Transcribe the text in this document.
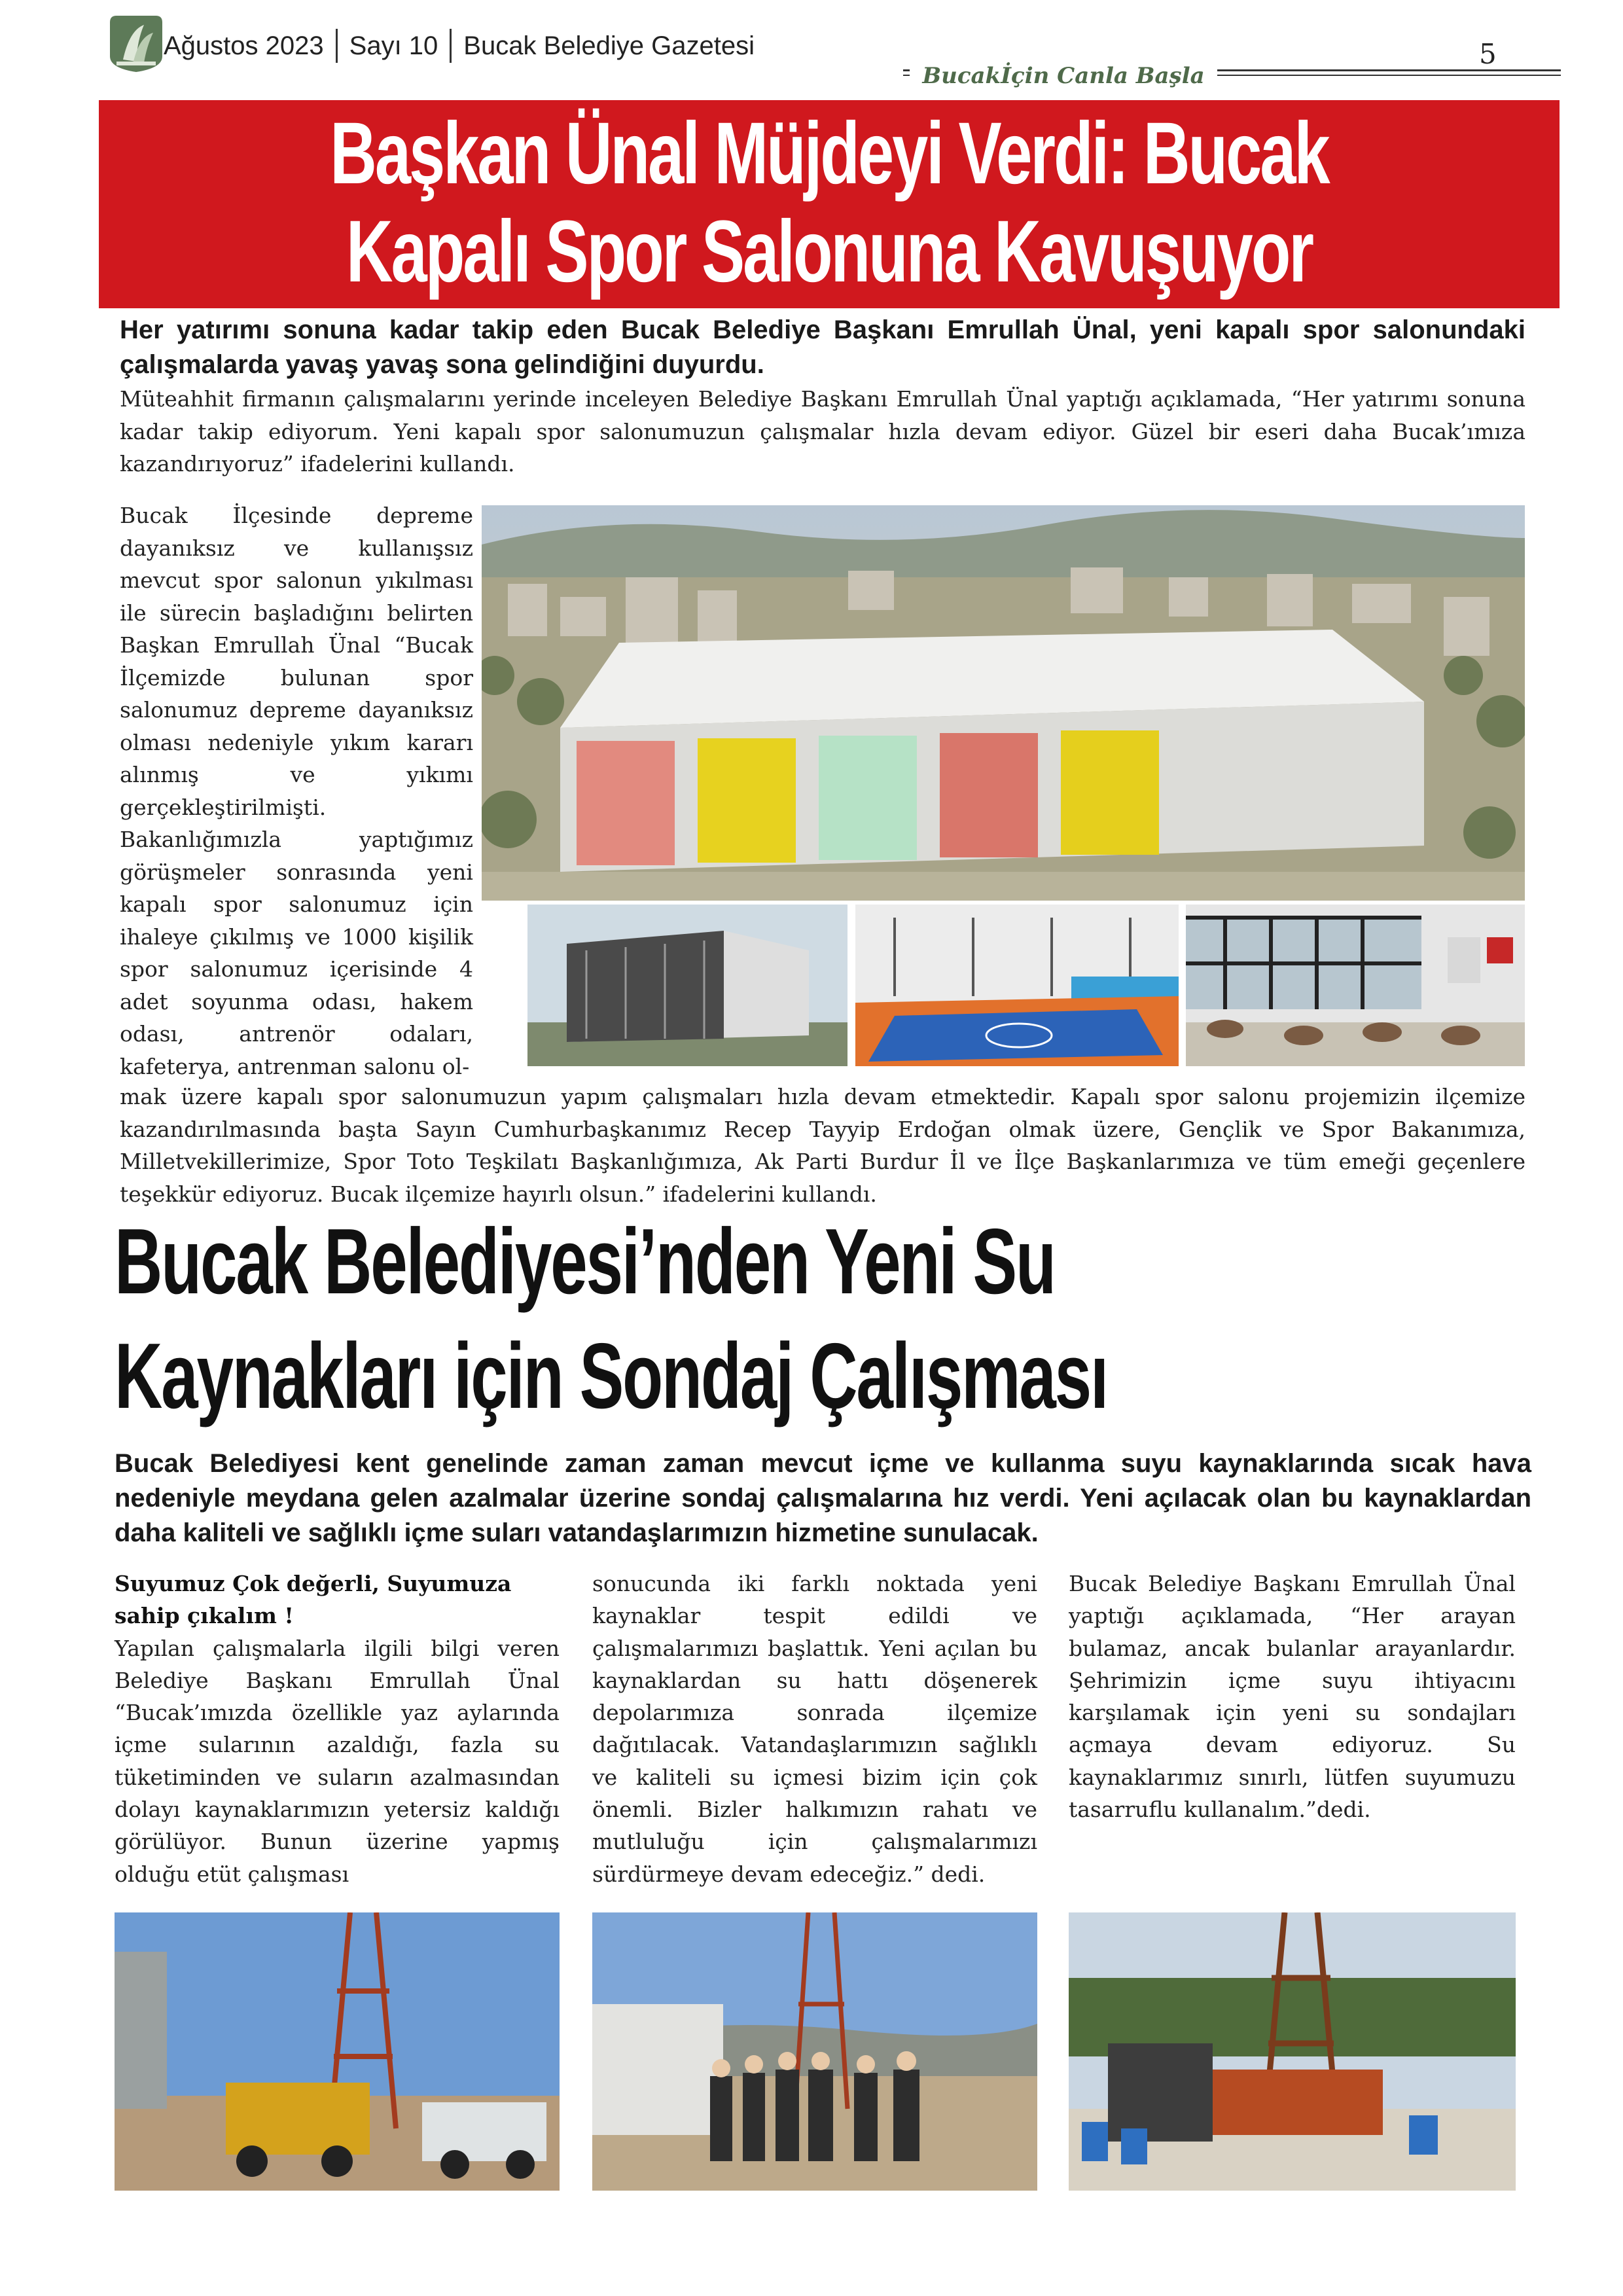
Ağustos 2023 Sayı 10 Bucak Belediye Gazetesi
Bucakİçin Canla Başla
5
Başkan Ünal Müjdeyi Verdi: Bucak Kapalı Spor Salonuna Kavuşuyor
Her yatırımı sonuna kadar takip eden Bucak Belediye Başkanı Emrullah Ünal, yeni kapalı spor salonundaki çalışmalarda yavaş yavaş sona gelindiğini duyurdu.
Müteahhit firmanın çalışmalarını yerinde inceleyen Belediye Başkanı Emrullah Ünal yaptığı açıklamada, “Her yatırımı sonuna kadar takip ediyorum. Yeni kapalı spor salonumuzun çalışmalar hızla devam ediyor. Güzel bir eseri daha Bucak’ımıza kazandırıyoruz” ifadelerini kullandı.
Bucak İlçesinde depreme dayanıksız ve kullanışsız mevcut spor salonun yıkılması ile sürecin başladığını belirten Başkan Emrullah Ünal “Bucak İlçemizde bulunan spor salonumuz depreme dayanıksız olması nedeniyle yıkım kararı alınmış ve yıkımı gerçekleştirilmişti. Bakanlığımızla yaptığımız görüşmeler sonrasında yeni kapalı spor salonumuz için ihaleye çıkılmış ve 1000 kişilik spor salonumuz içerisinde 4 adet soyunma odası, hakem odası, antrenör odaları, kafeterya, antrenman salonu ol-
mak üzere kapalı spor salonumuzun yapım çalışmaları hızla devam etmektedir. Kapalı spor salonu projemizin ilçemize kazandırılmasında başta Sayın Cumhurbaşkanımız Recep Tayyip Erdoğan olmak üzere, Gençlik ve Spor Bakanımıza, Milletvekillerimize, Spor Toto Teşkilatı Başkanlığımıza, Ak Parti Burdur İl ve İlçe Başkanlarımıza ve tüm emeği geçenlere teşekkür ediyoruz. Bucak ilçemize hayırlı olsun.” ifadelerini kullandı.
Bucak Belediyesi’nden Yeni Su Kaynakları için Sondaj Çalışması
Bucak Belediyesi kent genelinde zaman zaman mevcut içme ve kullanma suyu kaynaklarında sıcak hava nedeniyle meydana gelen azalmalar üzerine sondaj çalışmalarına hız verdi. Yeni açılacak olan bu kaynaklardan daha kaliteli ve sağlıklı içme suları vatandaşlarımızın hizmetine sunulacak.
Suyumuz Çok değerli, Suyumuza sahip çıkalım !
Yapılan çalışmalarla ilgili bilgi veren Belediye Başkanı Emrullah Ünal “Bucak’ımızda özellikle yaz aylarında içme sularının azaldığı, fazla su tüketiminden ve suların azalmasından dolayı kaynaklarımızın yetersiz kaldığı görülüyor. Bunun üzerine yapmış olduğu etüt çalışması
sonucunda iki farklı noktada yeni kaynaklar tespit edildi ve çalışmalarımızı başlattık. Yeni açılan bu kaynaklardan su hattı döşenerek depolarımıza sonrada ilçemize dağıtılacak. Vatandaşlarımızın sağlıklı ve kaliteli su içmesi bizim için çok önemli. Bizler halkımızın rahatı ve mutluluğu için çalışmalarımızı sürdürmeye devam edeceğiz.” dedi.
Bucak Belediye Başkanı Emrullah Ünal yaptığı açıklamada, “Her arayan bulamaz, ancak bulanlar arayanlardır. Şehrimizin içme suyu ihtiyacını karşılamak için yeni su sondajları açmaya devam ediyoruz. Su kaynaklarımız sınırlı, lütfen suyumuzu tasarruflu kullanalım.”dedi.
